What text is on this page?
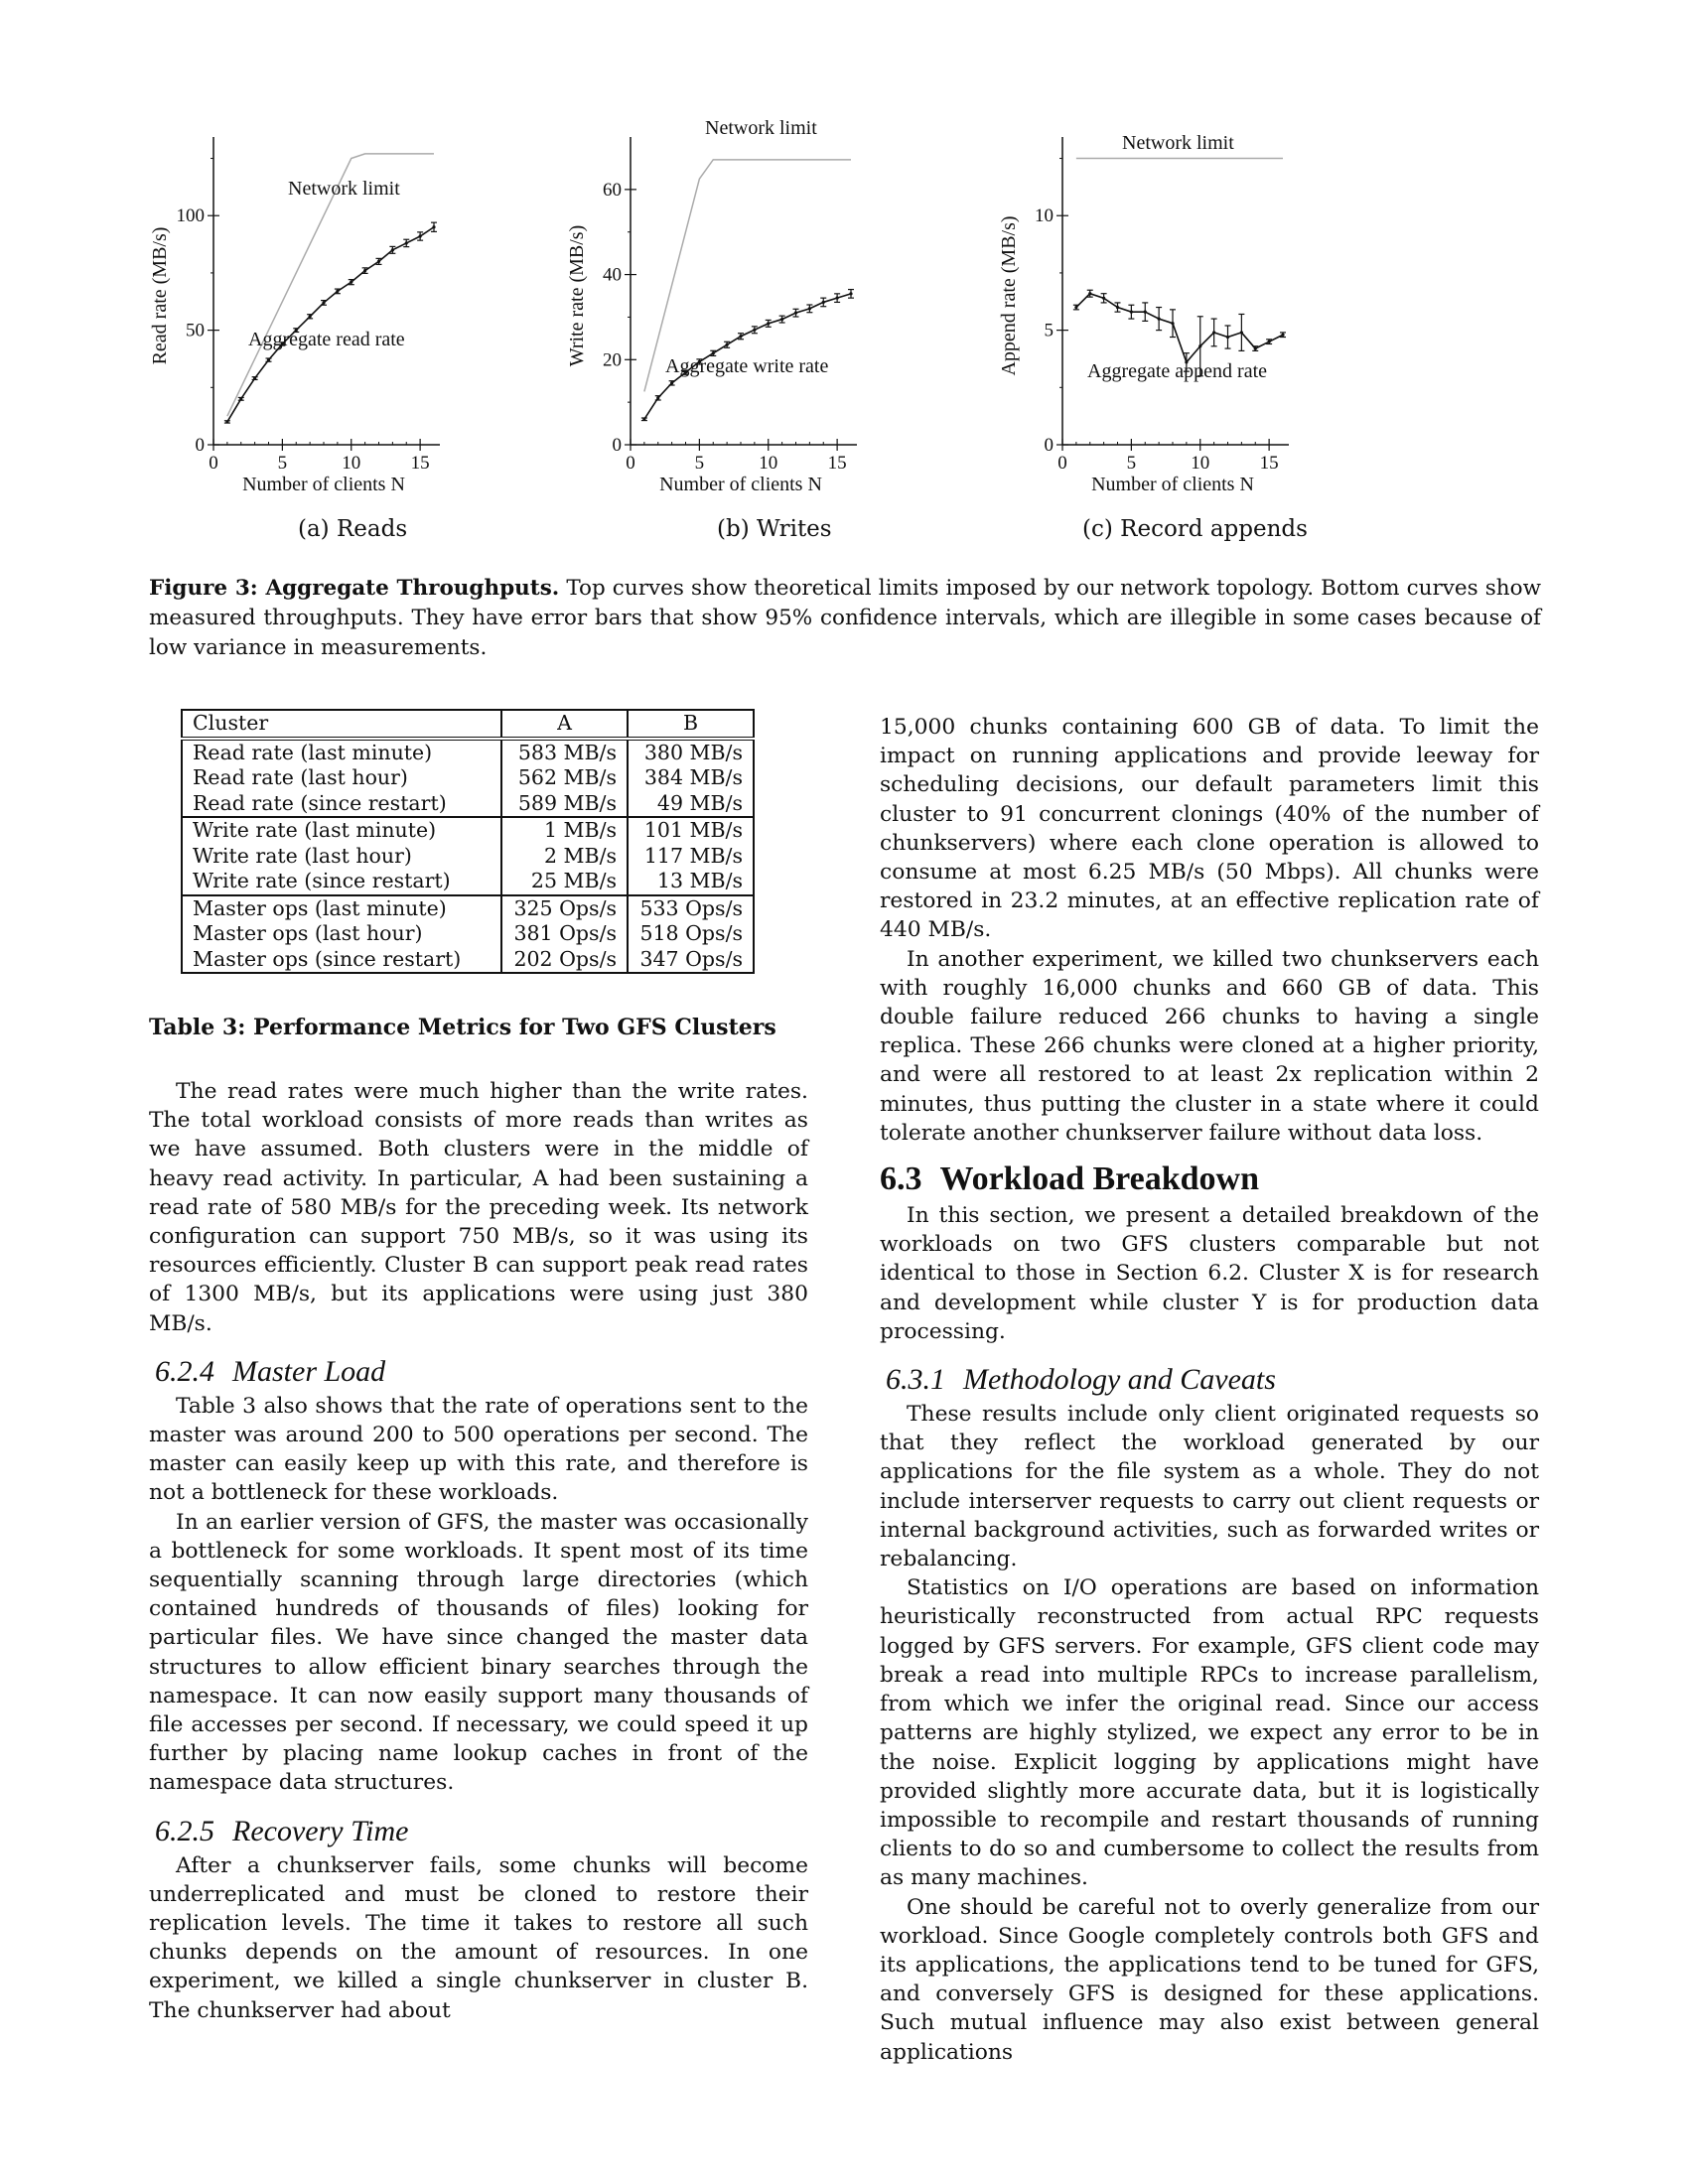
0	5	10	15
0
50
100
Number of clients N
Read rate (MB/s)
Network limit
Aggregate read rate
0	5	10	15
0
20
40
60
Number of clients N
Write rate (MB/s)
Network limit
Aggregate write rate
0	5	10	15
0
5
10
Number of clients N
Append rate (MB/s)
Network limit
Aggregate append rate
(a) Reads	(b) Writes	(c) Record appends
Figure 3: Aggregate Throughputs. Top curves show theoretical limits imposed by our network topology. Bottom curves show measured throughputs. They have error bars that show 95% confidence intervals, which are illegible in some cases because of low variance in measurements.
Cluster	A	B
Read rate (last minute)	583 MB/s	380 MB/s
Read rate (last hour)	562 MB/s	384 MB/s
Read rate (since restart)	589 MB/s	49 MB/s
Write rate (last minute)	1 MB/s	101 MB/s
Write rate (last hour)	2 MB/s	117 MB/s
Write rate (since restart)	25 MB/s	13 MB/s
Master ops (last minute)	325 Ops/s	533 Ops/s
Master ops (last hour)	381 Ops/s	518 Ops/s
Master ops (since restart)	202 Ops/s	347 Ops/s
Table 3: Performance Metrics for Two GFS Clusters

The read rates were much higher than the write rates. The total workload consists of more reads than writes as we have assumed. Both clusters were in the middle of heavy read activity. In particular, A had been sustaining a read rate of 580 MB/s for the preceding week. Its network configuration can support 750 MB/s, so it was using its resources efficiently. Cluster B can support peak read rates of 1300 MB/s, but its applications were using just 380 MB/s.

6.2.4 Master Load

Table 3 also shows that the rate of operations sent to the master was around 200 to 500 operations per second. The master can easily keep up with this rate, and therefore is not a bottleneck for these workloads.

In an earlier version of GFS, the master was occasionally a bottleneck for some workloads. It spent most of its time sequentially scanning through large directories (which contained hundreds of thousands of files) looking for particular files. We have since changed the master data structures to allow efficient binary searches through the namespace. It can now easily support many thousands of file accesses per second. If necessary, we could speed it up further by placing name lookup caches in front of the namespace data structures.

6.2.5 Recovery Time

After a chunkserver fails, some chunks will become underreplicated and must be cloned to restore their replication levels. The time it takes to restore all such chunks depends on the amount of resources. In one experiment, we killed a single chunkserver in cluster B. The chunkserver had about

15,000 chunks containing 600 GB of data. To limit the impact on running applications and provide leeway for scheduling decisions, our default parameters limit this cluster to 91 concurrent clonings (40% of the number of chunkservers) where each clone operation is allowed to consume at most 6.25 MB/s (50 Mbps). All chunks were restored in 23.2 minutes, at an effective replication rate of 440 MB/s.

In another experiment, we killed two chunkservers each with roughly 16,000 chunks and 660 GB of data. This double failure reduced 266 chunks to having a single replica. These 266 chunks were cloned at a higher priority, and were all restored to at least 2x replication within 2 minutes, thus putting the cluster in a state where it could tolerate another chunkserver failure without data loss.

6.3 Workload Breakdown

In this section, we present a detailed breakdown of the workloads on two GFS clusters comparable but not identical to those in Section 6.2. Cluster X is for research and development while cluster Y is for production data processing.

6.3.1 Methodology and Caveats

These results include only client originated requests so that they reflect the workload generated by our applications for the file system as a whole. They do not include interserver requests to carry out client requests or internal background activities, such as forwarded writes or rebalancing.

Statistics on I/O operations are based on information heuristically reconstructed from actual RPC requests logged by GFS servers. For example, GFS client code may break a read into multiple RPCs to increase parallelism, from which we infer the original read. Since our access patterns are highly stylized, we expect any error to be in the noise. Explicit logging by applications might have provided slightly more accurate data, but it is logistically impossible to recompile and restart thousands of running clients to do so and cumbersome to collect the results from as many machines.

One should be careful not to overly generalize from our workload. Since Google completely controls both GFS and its applications, the applications tend to be tuned for GFS, and conversely GFS is designed for these applications. Such mutual influence may also exist between general applications
